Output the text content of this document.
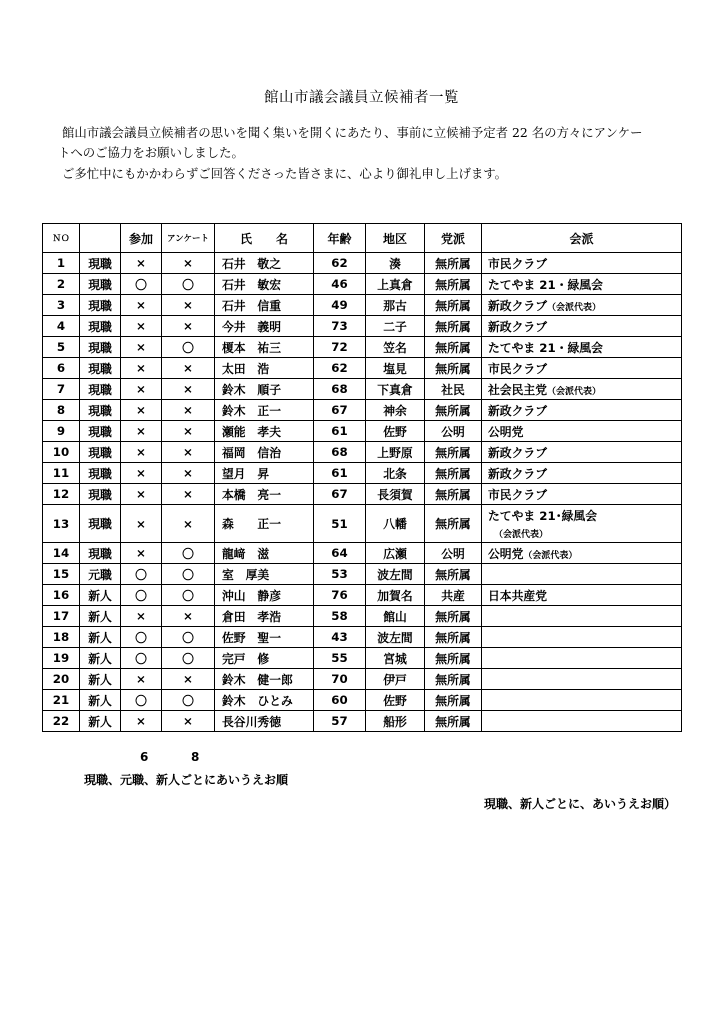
館山市議会議員立候補者一覧

館山市議会議員立候補者の思いを聞く集いを開くにあたり、事前に立候補予定者 22 名の方々にアンケー
トへのご協力をお願いしました。

ご多忙中にもかかわらずご回答くださった皆さまに、心より御礼申し上げます。

ＮＯ		参加	アンケート	氏　　名	年齢	地区	党派	会派
1	現職	×	×	石井　敬之	62	湊	無所属	市民クラブ
2	現職	〇	〇	石井　敏宏	46	上真倉	無所属	たてやま 21・緑風会
3	現職	×	×	石井　信重	49	那古	無所属	新政クラブ（会派代表）
4	現職	×	×	今井　義明	73	二子	無所属	新政クラブ
5	現職	×	〇	榎本　祐三	72	笠名	無所属	たてやま 21・緑風会
6	現職	×	×	太田　浩	62	塩見	無所属	市民クラブ
7	現職	×	×	鈴木　順子	68	下真倉	社民	社会民主党（会派代表）
8	現職	×	×	鈴木　正一	67	神余	無所属	新政クラブ
9	現職	×	×	瀬能　孝夫	61	佐野	公明	公明党
10	現職	×	×	福岡　信治	68	上野原	無所属	新政クラブ
11	現職	×	×	望月　昇	61	北条	無所属	新政クラブ
12	現職	×	×	本橋　亮一	67	長須賀	無所属	市民クラブ
13	現職	×	×	森　　正一	51	八幡	無所属	たてやま 21･緑風会
（会派代表）

14	現職	×	〇	龍﨑　滋	64	広瀬	公明	公明党（会派代表）
15	元職	〇	〇	室　厚美	53	波左間	無所属	
16	新人	〇	〇	沖山　静彦	76	加賀名	共産	日本共産党
17	新人	×	×	倉田　孝浩	58	館山	無所属	
18	新人	〇	〇	佐野　聖一	43	波左間	無所属	
19	新人	〇	〇	完戸　修	55	宮城	無所属	
20	新人	×	×	鈴木　健一郎	70	伊戸	無所属	
21	新人	〇	〇	鈴木　ひとみ	60	佐野	無所属	
22	新人	×	×	長谷川秀徳	57	船形	無所属	
6	8
現職、元職、新人ごとにあいうえお順
現職、新人ごとに、あいうえお順）
